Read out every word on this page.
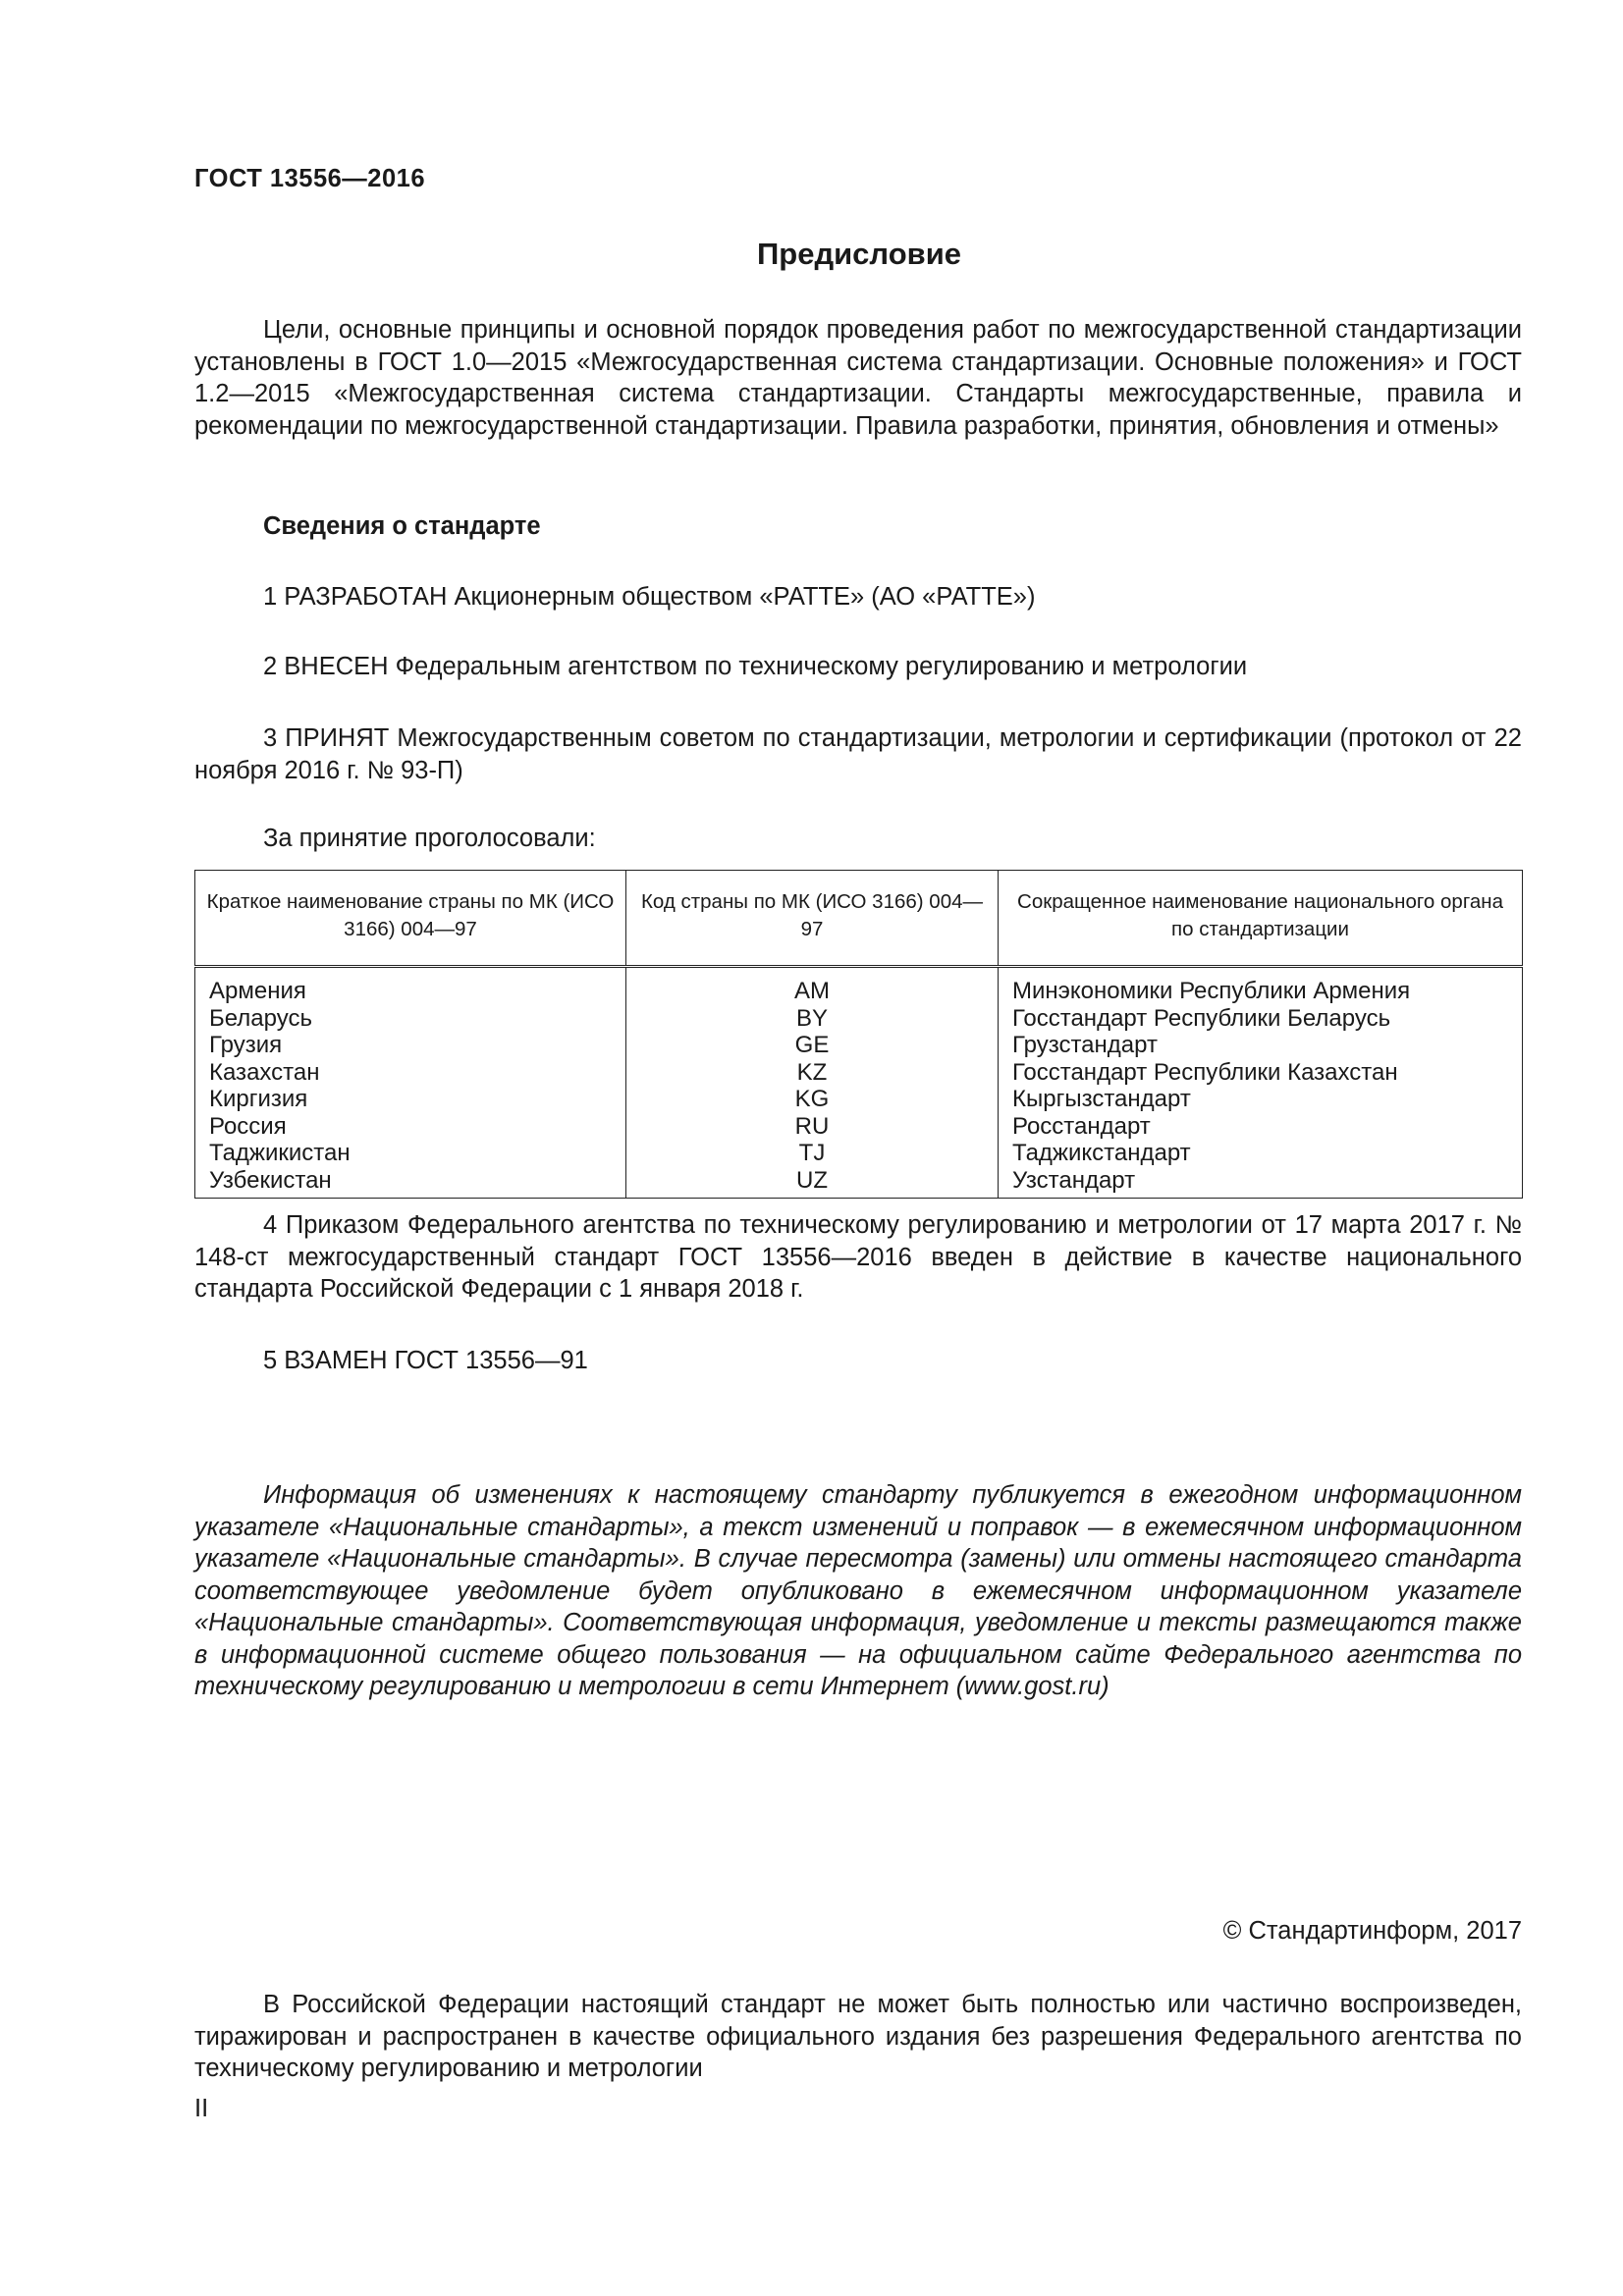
ГОСТ 13556—2016
Предисловие
Цели, основные принципы и основной порядок проведения работ по межгосударственной стандартизации установлены в ГОСТ 1.0—2015 «Межгосударственная система стандартизации. Основные положения» и ГОСТ 1.2—2015 «Межгосударственная система стандартизации. Стандарты межгосударственные, правила и рекомендации по межгосударственной стандартизации. Правила разработки, принятия, обновления и отмены»
Сведения о стандарте
1 РАЗРАБОТАН Акционерным обществом «РАТТЕ» (АО «РАТТЕ»)
2 ВНЕСЕН Федеральным агентством по техническому регулированию и метрологии
3 ПРИНЯТ Межгосударственным советом по стандартизации, метрологии и сертификации (протокол от 22 ноября 2016 г. № 93-П)
За принятие проголосовали:
Краткое наименование страны по МК (ИСО 3166) 004—97	Код страны по МК (ИСО 3166) 004—97	Сокращенное наименование национального органа по стандартизации
Армения	AM	Минэкономики Республики Армения
Беларусь	BY	Госстандарт Республики Беларусь
Грузия	GE	Грузстандарт
Казахстан	KZ	Госстандарт Республики Казахстан
Киргизия	KG	Кыргызстандарт
Россия	RU	Росстандарт
Таджикистан	TJ	Таджикстандарт
Узбекистан	UZ	Узстандарт
4 Приказом Федерального агентства по техническому регулированию и метрологии от 17 марта 2017 г. № 148-ст межгосударственный стандарт ГОСТ 13556—2016 введен в действие в качестве национального стандарта Российской Федерации с 1 января 2018 г.
5 ВЗАМЕН ГОСТ 13556—91
Информация об изменениях к настоящему стандарту публикуется в ежегодном информационном указателе «Национальные стандарты», а текст изменений и поправок — в ежемесячном информационном указателе «Национальные стандарты». В случае пересмотра (замены) или отмены настоящего стандарта соответствующее уведомление будет опубликовано в ежемесячном информационном указателе «Национальные стандарты». Соответствующая информация, уведомление и тексты размещаются также в информационной системе общего пользования — на официальном сайте Федерального агентства по техническому регулированию и метрологии в сети Интернет (www.gost.ru)
© Стандартинформ, 2017
В Российской Федерации настоящий стандарт не может быть полностью или частично воспроизведен, тиражирован и распространен в качестве официального издания без разрешения Федерального агентства по техническому регулированию и метрологии
II
